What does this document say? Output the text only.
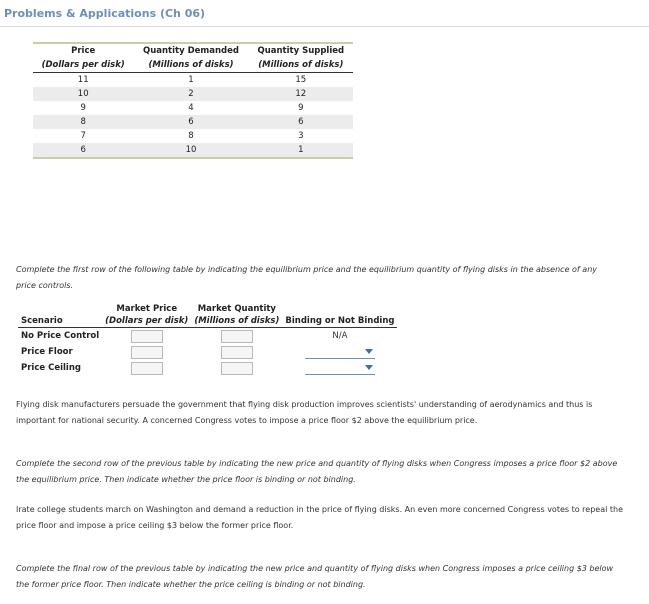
Problems & Applications (Ch 06)

Price	Quantity Demanded	Quantity Supplied
(Dollars per disk)	(Millions of disks)	(Millions of disks)
11	1	15
10	2	12
9	4	9
8	6	6
7	8	3
6	10	1

Complete the first row of the following table by indicating the equilibrium price and the equilibrium quantity of flying disks in the absence of any price controls.
	Market Price	Market Quantity	
Scenario	(Dollars per disk)	(Millions of disks)	Binding or Not Binding
No Price Control			N/A
Price Floor			

Price Ceiling			
Flying disk manufacturers persuade the government that flying disk production improves scientists' understanding of aerodynamics and thus is important for national security. A concerned Congress votes to impose a price floor $2 above the equilibrium price.
Complete the second row of the previous table by indicating the new price and quantity of flying disks when Congress imposes a price floor $2 above the equilibrium price. Then indicate whether the price floor is binding or not binding.
Irate college students march on Washington and demand a reduction in the price of flying disks. An even more concerned Congress votes to repeal the price floor and impose a price ceiling $3 below the former price floor.
Complete the final row of the previous table by indicating the new price and quantity of flying disks when Congress imposes a price ceiling $3 below the former price floor. Then indicate whether the price ceiling is binding or not binding.
